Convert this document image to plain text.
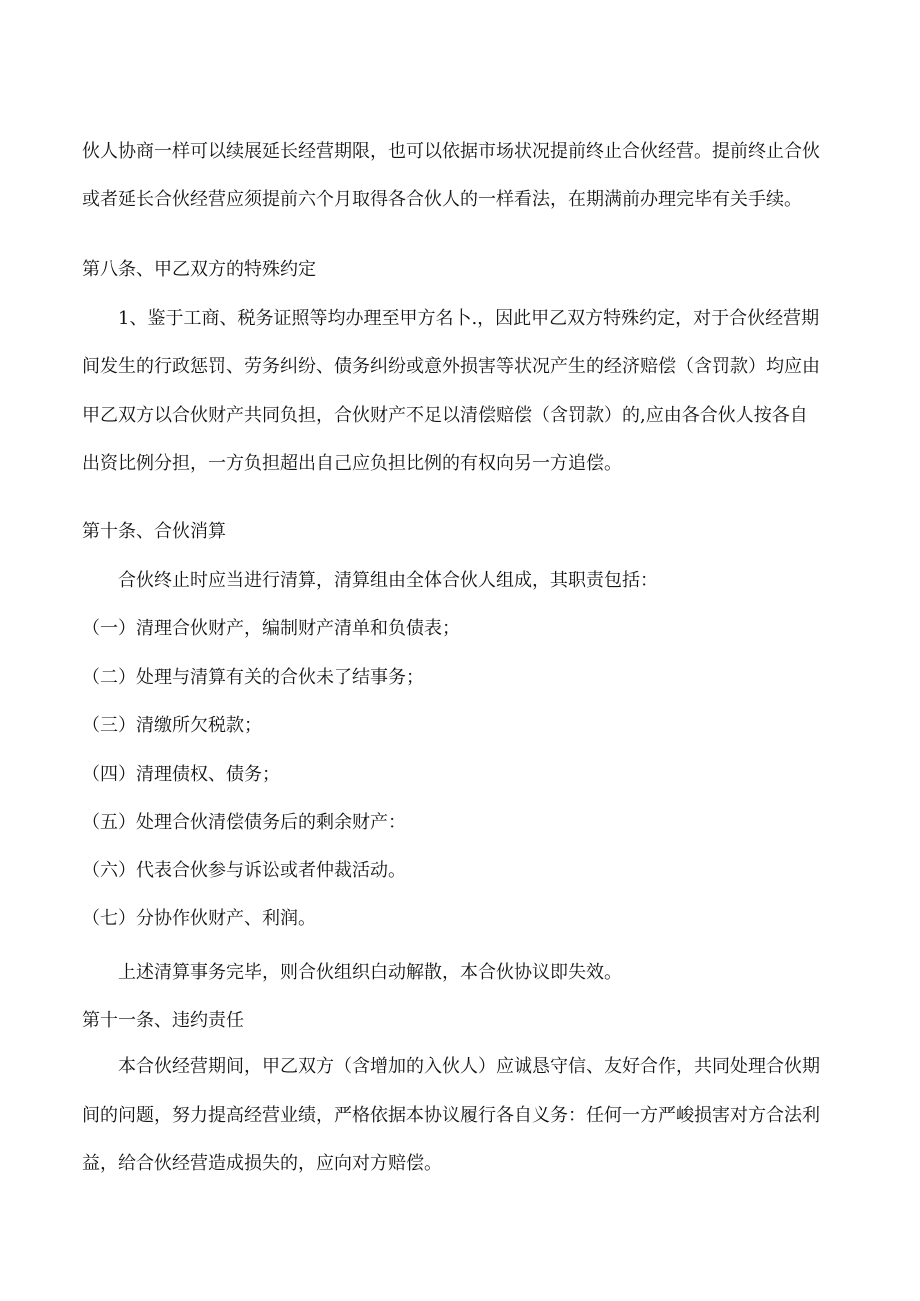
伙人协商一样可以续展延长经营期限，也可以依据市场状况提前终止合伙经营。提前终止合伙
或者延长合伙经营应须提前六个月取得各合伙人的一样看法，在期满前办理完毕有关手续。
第八条、甲乙双方的特殊约定
1、鉴于工商、税务证照等均办理至甲方名卜.，因此甲乙双方特殊约定，对于合伙经营期
间发生的行政惩罚、劳务纠纷、债务纠纷或意外损害等状况产生的经济赔偿（含罚款）均应由
甲乙双方以合伙财产共同负担，合伙财产不足以清偿赔偿（含罚款）的,应由各合伙人按各自
出资比例分担，一方负担超出自己应负担比例的有权向另一方追偿。
第十条、合伙消算
合伙终止时应当进行清算，清算组由全体合伙人组成，其职责包括：
（一）清理合伙财产，编制财产清单和负债表；
（二）处理与清算有关的合伙未了结事务；
（三）清缴所欠税款；
（四）清理债权、债务；
（五）处理合伙清偿债务后的剩余财产：
（六）代表合伙参与诉讼或者仲裁活动。
（七）分协作伙财产、利润。
上述清算事务完毕，则合伙组织白动解散，本合伙协议即失效。
第十一条、违约责任
本合伙经营期间，甲乙双方（含增加的入伙人）应诚恳守信、友好合作，共同处理合伙期
间的问题，努力提高经营业绩，严格依据本协议履行各自义务：任何一方严峻损害对方合法利
益，给合伙经营造成损失的，应向对方赔偿。
